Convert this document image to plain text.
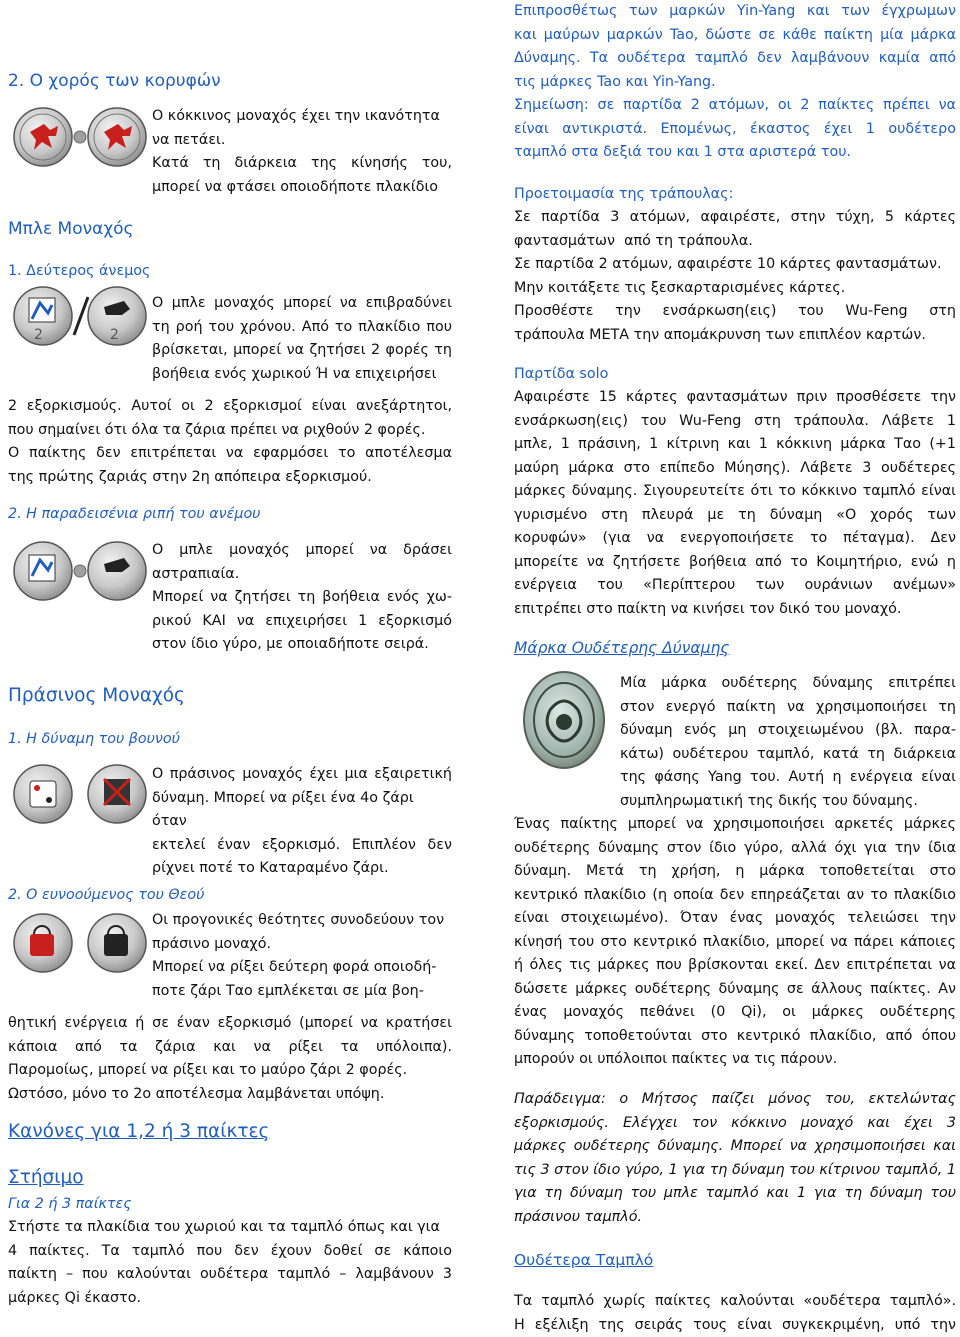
2. Ο χορός των κορυφών

Ο κόκκινος μοναχός έχει την ικανότητα

να πετάει.

Κατά τη διάρκεια της κίνησής του,

μπορεί να φτάσει οποιοδήποτε πλακίδιο

Μπλε Μοναχός
1. Δεύτερος άνεμος
2	2

Ο μπλε μοναχός μπορεί να επιβραδύνει

τη ροή του χρόνου. Από το πλακίδιο που

βρίσκεται, μπορεί να ζητήσει 2 φορές τη

βοήθεια ενός χωρικού Ή να επιχειρήσει

2 εξορκισμούς. Αυτοί οι 2 εξορκισμοί είναι ανεξάρτητοι,

που σημαίνει ότι όλα τα ζάρια πρέπει να ριχθούν 2 φορές.

Ο παίκτης δεν επιτρέπεται να εφαρμόσει το αποτέλεσμα

της πρώτης ζαριάς στην 2η απόπειρα εξορκισμού.

2. Η παραδεισένια ριπή του ανέμου

Ο μπλε μοναχός μπορεί να δράσει

αστραπιαία.

Μπορεί να ζητήσει τη βοήθεια ενός χω-

ρικού ΚΑΙ να επιχειρήσει 1 εξορκισμό

στον ίδιο γύρο, με οποιαδήποτε σειρά.

Πράσινος Μοναχός
1. Η δύναμη του βουνού

Ο πράσινος μοναχός έχει μια εξαιρετική

δύναμη. Μπορεί να ρίξει ένα 4ο ζάρι όταν

εκτελεί έναν εξορκισμό. Επιπλέον δεν

ρίχνει ποτέ το Καταραμένο ζάρι.

2. Ο ευνοούμενος του Θεού

Οι προγονικές θεότητες συνοδεύουν τον

πράσινο μοναχό.

Μπορεί να ρίξει δεύτερη φορά οποιοδή-

ποτε ζάρι Ταο εμπλέκεται σε μία βοη-

θητική ενέργεια ή σε έναν εξορκισμό (μπορεί να κρατήσει

κάποια από τα ζάρια και να ρίξει τα υπόλοιπα).

Παρομοίως, μπορεί να ρίξει και το μαύρο ζάρι 2 φορές.

Ωστόσο, μόνο το 2ο αποτέλεσμα λαμβάνεται υπόψη.

Κανόνες για 1,2 ή 3 παίκτες
Στήσιμο
Για 2 ή 3 παίκτες

Στήστε τα πλακίδια του χωριού και τα ταμπλό όπως και για

4 παίκτες. Τα ταμπλό που δεν έχουν δοθεί σε κάποιο

παίκτη – που καλούνται ουδέτερα ταμπλό – λαμβάνουν 3

μάρκες Qi έκαστο.

Επιπροσθέτως των μαρκών Yin-Yang και των έγχρωμων

και μαύρων μαρκών Tao, δώστε σε κάθε παίκτη μία μάρκα

Δύναμης. Τα ουδέτερα ταμπλό δεν λαμβάνουν καμία από

τις μάρκες Tao και Yin-Yang.

Σημείωση: σε παρτίδα 2 ατόμων, οι 2 παίκτες πρέπει να

είναι αντικριστά. Επομένως, έκαστος έχει 1 ουδέτερο

ταμπλό στα δεξιά του και 1 στα αριστερά του.

Προετοιμασία της τράπουλας:

Σε παρτίδα 3 ατόμων, αφαιρέστε, στην τύχη, 5 κάρτες

φαντασμάτων  από τη τράπουλα.

Σε παρτίδα 2 ατόμων, αφαιρέστε 10 κάρτες φαντασμάτων.

Μην κοιτάξετε τις ξεσκαρταρισμένες κάρτες.

Προσθέστε την ενσάρκωση(εις) του Wu-Feng στη

τράπουλα ΜΕΤΑ την απομάκρυνση των επιπλέον καρτών.

Παρτίδα solo

Αφαιρέστε 15 κάρτες φαντασμάτων πριν προσθέσετε την

ενσάρκωση(εις) του Wu-Feng στη τράπουλα. Λάβετε 1

μπλε, 1 πράσινη, 1 κίτρινη και 1 κόκκινη μάρκα Ταο (+1

μαύρη μάρκα στο επίπεδο Μύησης). Λάβετε 3 ουδέτερες

μάρκες δύναμης. Σιγουρευτείτε ότι το κόκκινο ταμπλό είναι

γυρισμένο στη πλευρά με τη δύναμη «Ο χορός των

κορυφών» (για να ενεργοποιήσετε το πέταγμα). Δεν

μπορείτε να ζητήσετε βοήθεια από το Κοιμητήριο, ενώ η

ενέργεια του «Περίπτερου των ουράνιων ανέμων»

επιτρέπει στο παίκτη να κινήσει τον δικό του μοναχό.

Μάρκα Ουδέτερης Δύναμης

Μία μάρκα ουδέτερης δύναμης επιτρέπει

στον ενεργό παίκτη να χρησιμοποιήσει τη

δύναμη ενός μη στοιχειωμένου (βλ. παρα-

κάτω) ουδέτερου ταμπλό, κατά τη διάρκεια

της φάσης Yang του. Αυτή η ενέργεια είναι

συμπληρωματική της δικής του δύναμης.

Ένας παίκτης μπορεί να χρησιμοποιήσει αρκετές μάρκες

ουδέτερης δύναμης στον ίδιο γύρο, αλλά όχι για την ίδια

δύναμη. Μετά τη χρήση, η μάρκα τοποθετείται στο

κεντρικό πλακίδιο (η οποία δεν επηρεάζεται αν το πλακίδιο

είναι στοιχειωμένο). Όταν ένας μοναχός τελειώσει την

κίνησή του στο κεντρικό πλακίδιο, μπορεί να πάρει κάποιες

ή όλες τις μάρκες που βρίσκονται εκεί. Δεν επιτρέπεται να

δώσετε μάρκες ουδέτερης δύναμης σε άλλους παίκτες. Αν

ένας μοναχός πεθάνει (0 Qi), οι μάρκες ουδέτερης

δύναμης τοποθετούνται στο κεντρικό πλακίδιο, από όπου

μπορούν οι υπόλοιποι παίκτες να τις πάρουν.

Παράδειγμα: ο Μήτσος παίζει μόνος του, εκτελώντας

εξορκισμούς. Ελέγχει τον κόκκινο μοναχό και έχει 3

μάρκες ουδέτερης δύναμης. Μπορεί να χρησιμοποιήσει και

τις 3 στον ίδιο γύρο, 1 για τη δύναμη του κίτρινου ταμπλό, 1

για τη δύναμη του μπλε ταμπλό και 1 για τη δύναμη του

πράσινου ταμπλό.

Ουδέτερα Ταμπλό

Τα ταμπλό χωρίς παίκτες καλούνται «ουδέτερα ταμπλό».

Η εξέλιξη της σειράς τους είναι συγκεκριμένη, υπό την
